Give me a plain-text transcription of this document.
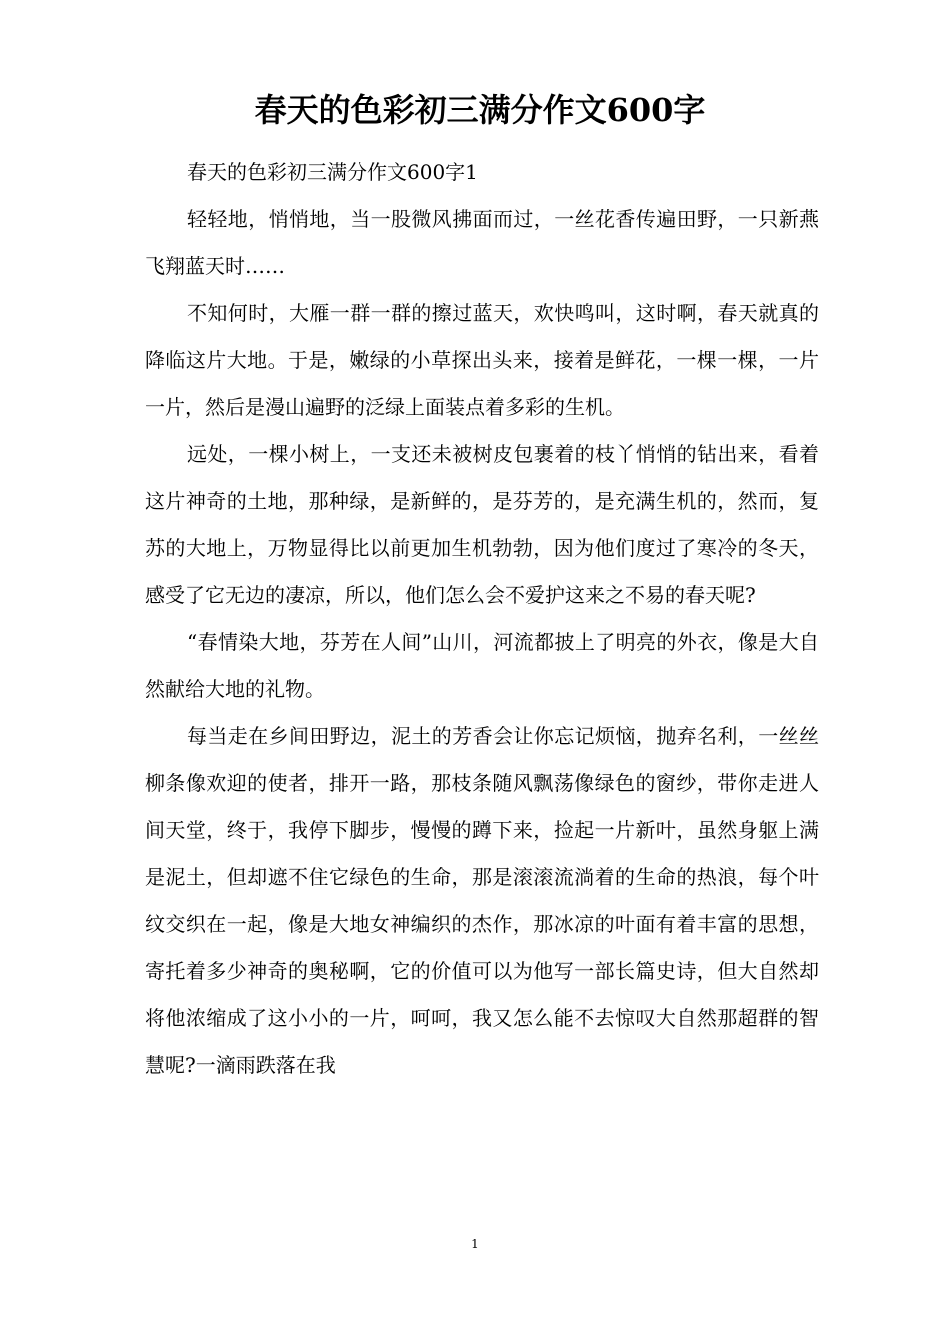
春天的色彩初三满分作文600字

春天的色彩初三满分作文600字1

轻轻地，悄悄地，当一股微风拂面而过，一丝花香传遍田野，一只新燕飞翔蓝天时……

不知何时，大雁一群一群的擦过蓝天，欢快鸣叫，这时啊，春天就真的降临这片大地。于是，嫩绿的小草探出头来，接着是鲜花，一棵一棵，一片一片，然后是漫山遍野的泛绿上面装点着多彩的生机。

远处，一棵小树上，一支还未被树皮包裹着的枝丫悄悄的钻出来，看着这片神奇的土地，那种绿，是新鲜的，是芬芳的，是充满生机的，然而，复苏的大地上，万物显得比以前更加生机勃勃，因为他们度过了寒冷的冬天，感受了它无边的凄凉，所以，他们怎么会不爱护这来之不易的春天呢?

“春情染大地，芬芳在人间”山川，河流都披上了明亮的外衣，像是大自然献给大地的礼物。

每当走在乡间田野边，泥土的芳香会让你忘记烦恼，抛弃名利，一丝丝柳条像欢迎的使者，排开一路，那枝条随风飘荡像绿色的窗纱，带你走进人间天堂，终于，我停下脚步，慢慢的蹲下来，捡起一片新叶，虽然身躯上满是泥土，但却遮不住它绿色的生命，那是滚滚流淌着的生命的热浪，每个叶纹交织在一起，像是大地女神编织的杰作，那冰凉的叶面有着丰富的思想，寄托着多少神奇的奥秘啊，它的价值可以为他写一部长篇史诗，但大自然却将他浓缩成了这小小的一片，呵呵，我又怎么能不去惊叹大自然那超群的智慧呢?一滴雨跌落在我

1
